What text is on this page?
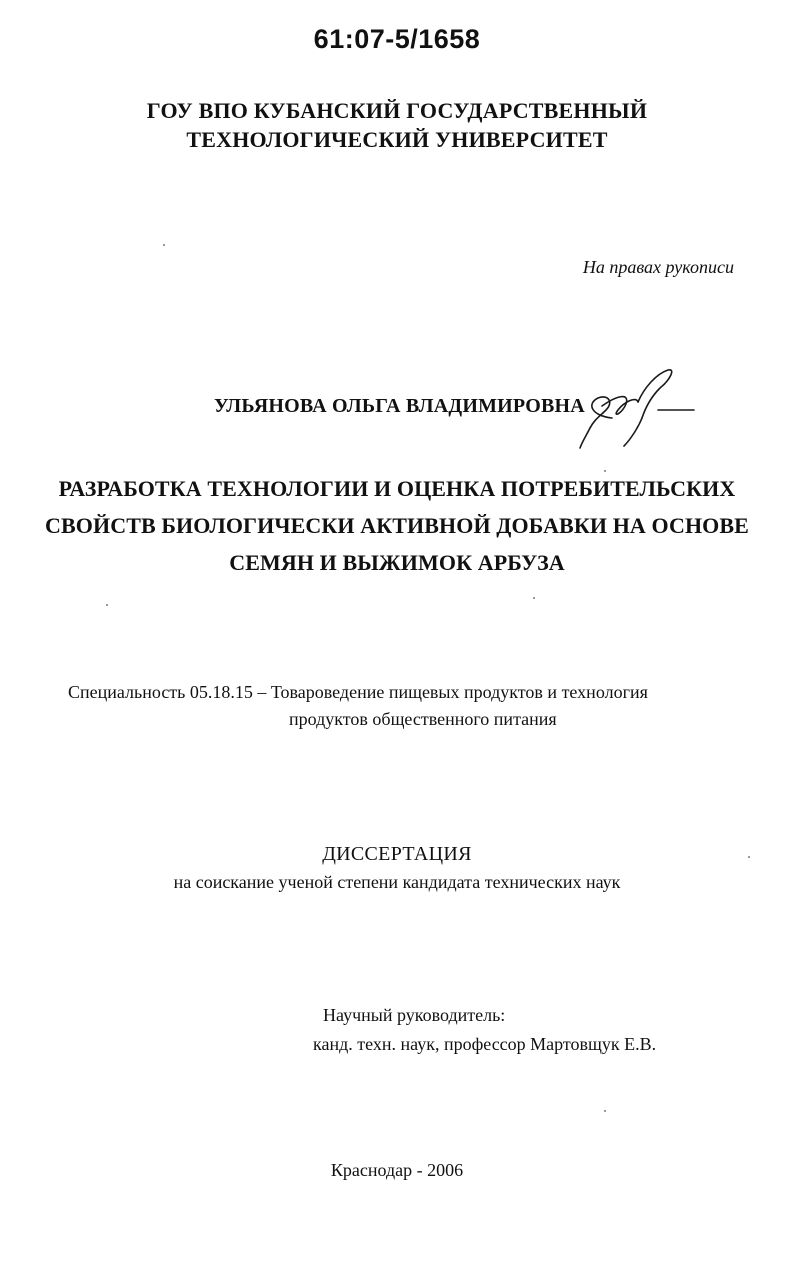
61:07-5/1658
ГОУ ВПО КУБАНСКИЙ ГОСУДАРСТВЕННЫЙ
ТЕХНОЛОГИЧЕСКИЙ УНИВЕРСИТЕТ
На правах рукописи
УЛЬЯНОВА ОЛЬГА ВЛАДИМИРОВНА
РАЗРАБОТКА ТЕХНОЛОГИИ И ОЦЕНКА ПОТРЕБИТЕЛЬСКИХ
СВОЙСТВ БИОЛОГИЧЕСКИ АКТИВНОЙ ДОБАВКИ НА ОСНОВЕ
СЕМЯН И ВЫЖИМОК АРБУЗА
Специальность 05.18.15 – Товароведение пищевых продуктов и технология
продуктов общественного питания
ДИССЕРТАЦИЯ
на соискание ученой степени кандидата технических наук
Научный руководитель:
канд. техн. наук, профессор Мартовщук Е.В.
Краснодар - 2006
